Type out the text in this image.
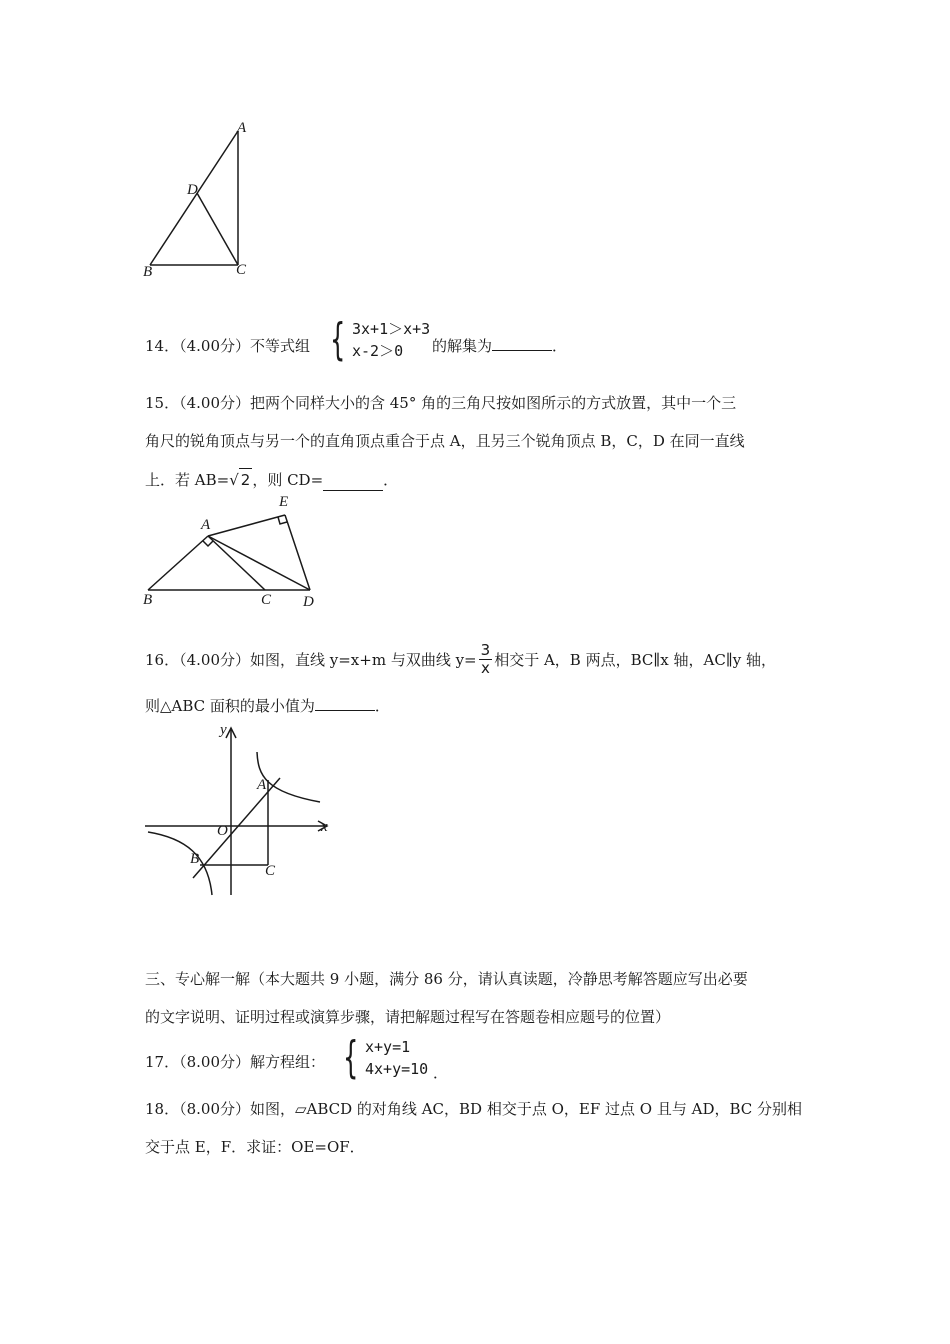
A
D
B	C
14．（4.00分）不等式组 { 3x+1＞x+3
x-2＞0	的解集为	．
15．（4.00分）把两个同样大小的含 45° 角的三角尺按如图所示的方式放置，其中一个三
角尺的锐角顶点与另一个的直角顶点重合于点 A，且另三个锐角顶点 B，C，D 在同一直线
上．若 AB= √ 2 ，则 CD=	．
A
E
B	C D
16．（4.00分）如图，直线 y=x+m 与双曲线 $y= \frac{3}{x}$ 相交于 A，B 两点，BC∥x 轴，AC∥y 轴，
则△ABC 面积的最小值为	．
y
A
x
O
B
C
三、专心解一解（本大题共 9 小题，满分 86 分，请认真读题，冷静思考解答题应写出必要
的文字说明、证明过程或演算步骤，请把解题过程写在答题卷相应题号的位置）
17．（8.00分）解方程组： { x+y=1
4x+y=10 ．
18．（8.00分）如图，▱ABCD 的对角线 AC，BD 相交于点 O，EF 过点 O 且与 AD，BC 分别相
交于点 E，F．求证：OE=OF．
